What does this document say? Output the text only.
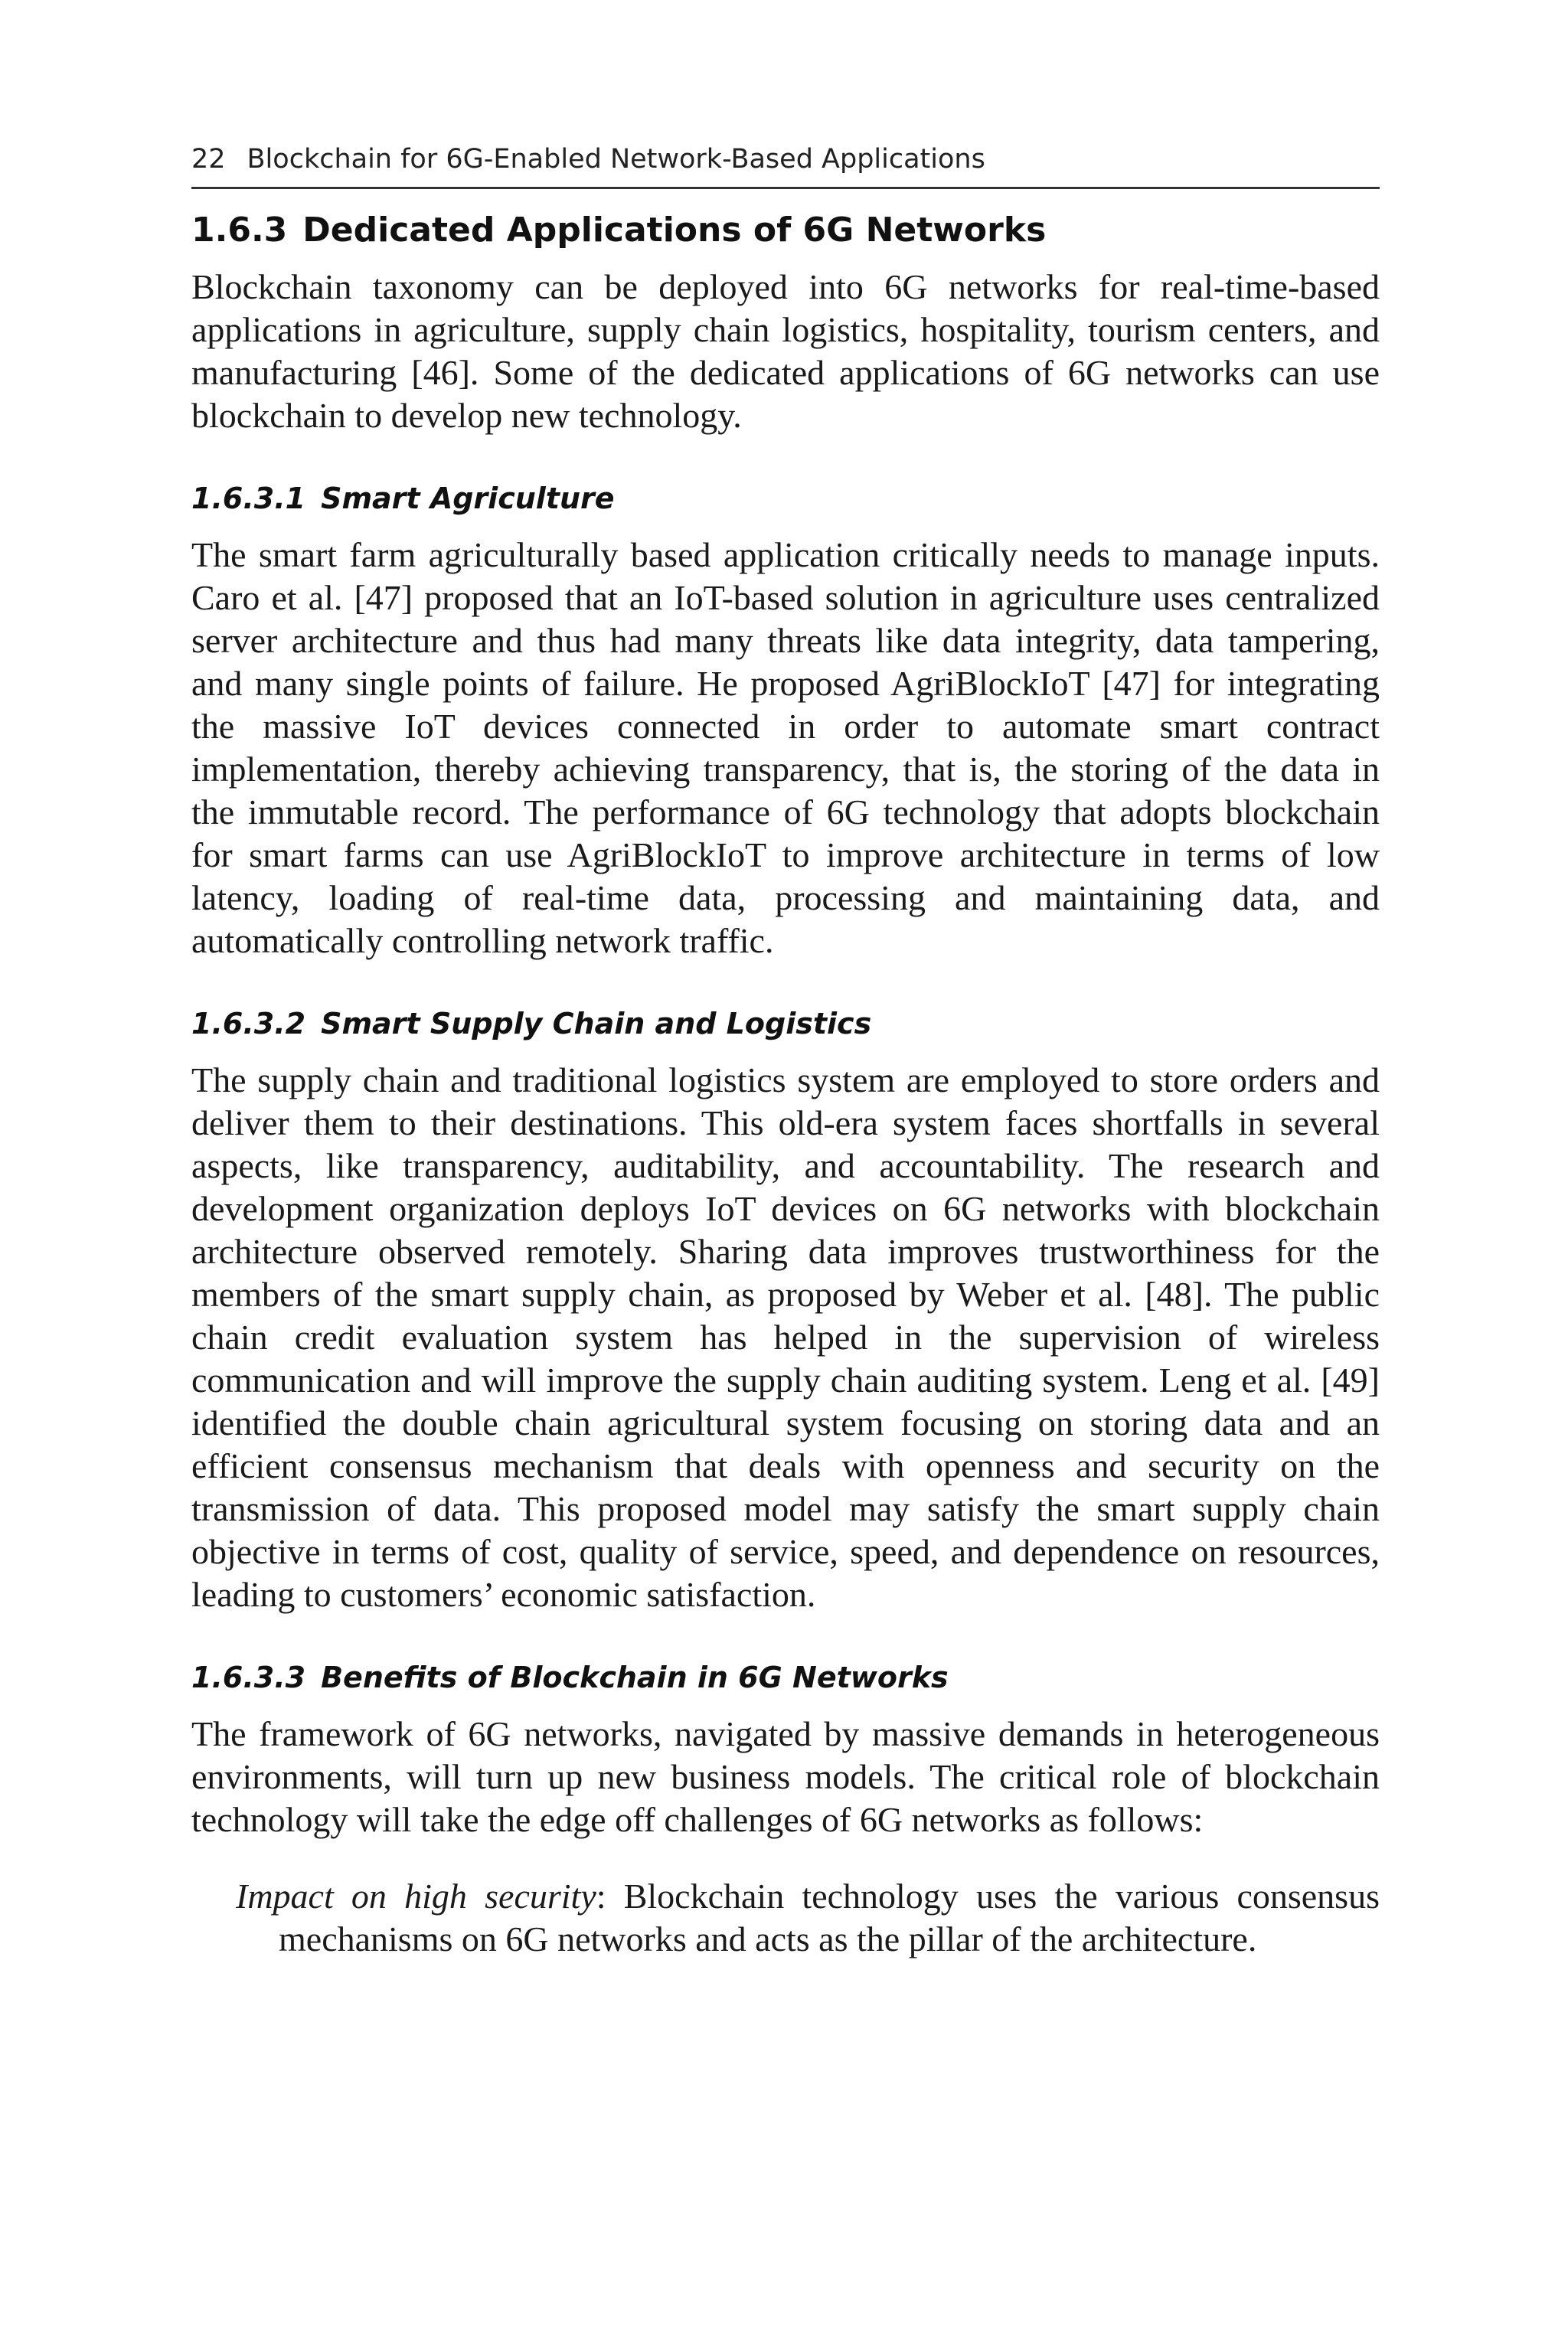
22 Blockchain for 6G-Enabled Network-Based Applications
1.6.3 Dedicated Applications of 6G Networks

Blockchain taxonomy can be deployed into 6G networks for real-time-based applications in agriculture, supply chain logistics, hospitality, tourism centers, and manufacturing [46]. Some of the dedicated applications of 6G networks can use blockchain to develop new technology.

1.6.3.1 Smart Agriculture

The smart farm agriculturally based application critically needs to manage inputs. Caro et al. [47] proposed that an IoT-based solution in agriculture uses centralized server architecture and thus had many threats like data integrity, data tampering, and many single points of failure. He proposed AgriBlockIoT [47] for integrating the massive IoT devices connected in order to automate smart contract implementation, thereby achieving transparency, that is, the storing of the data in the immutable record. The performance of 6G technology that adopts blockchain for smart farms can use AgriBlockIoT to improve architecture in terms of low latency, loading of real-time data, processing and maintaining data, and automatically controlling network traffic.

1.6.3.2 Smart Supply Chain and Logistics

The supply chain and traditional logistics system are employed to store orders and deliver them to their destinations. This old-era system faces shortfalls in several aspects, like transparency, auditability, and accountability. The research and development organization deploys IoT devices on 6G networks with blockchain architecture observed remotely. Sharing data improves trustworthiness for the members of the smart supply chain, as proposed by Weber et al. [48]. The public chain credit evaluation system has helped in the supervision of wireless communication and will improve the supply chain auditing system. Leng et al. [49] identified the double chain agricultural system focusing on storing data and an efficient consensus mechanism that deals with openness and security on the transmission of data. This proposed model may satisfy the smart supply chain objective in terms of cost, quality of service, speed, and dependence on resources, leading to customers’ economic satisfaction.

1.6.3.3 Benefits of Blockchain in 6G Networks

The framework of 6G networks, navigated by massive demands in heterogeneous environments, will turn up new business models. The critical role of blockchain technology will take the edge off challenges of 6G networks as follows:

Impact on high security: Blockchain technology uses the various consensus mechanisms on 6G networks and acts as the pillar of the architecture.
